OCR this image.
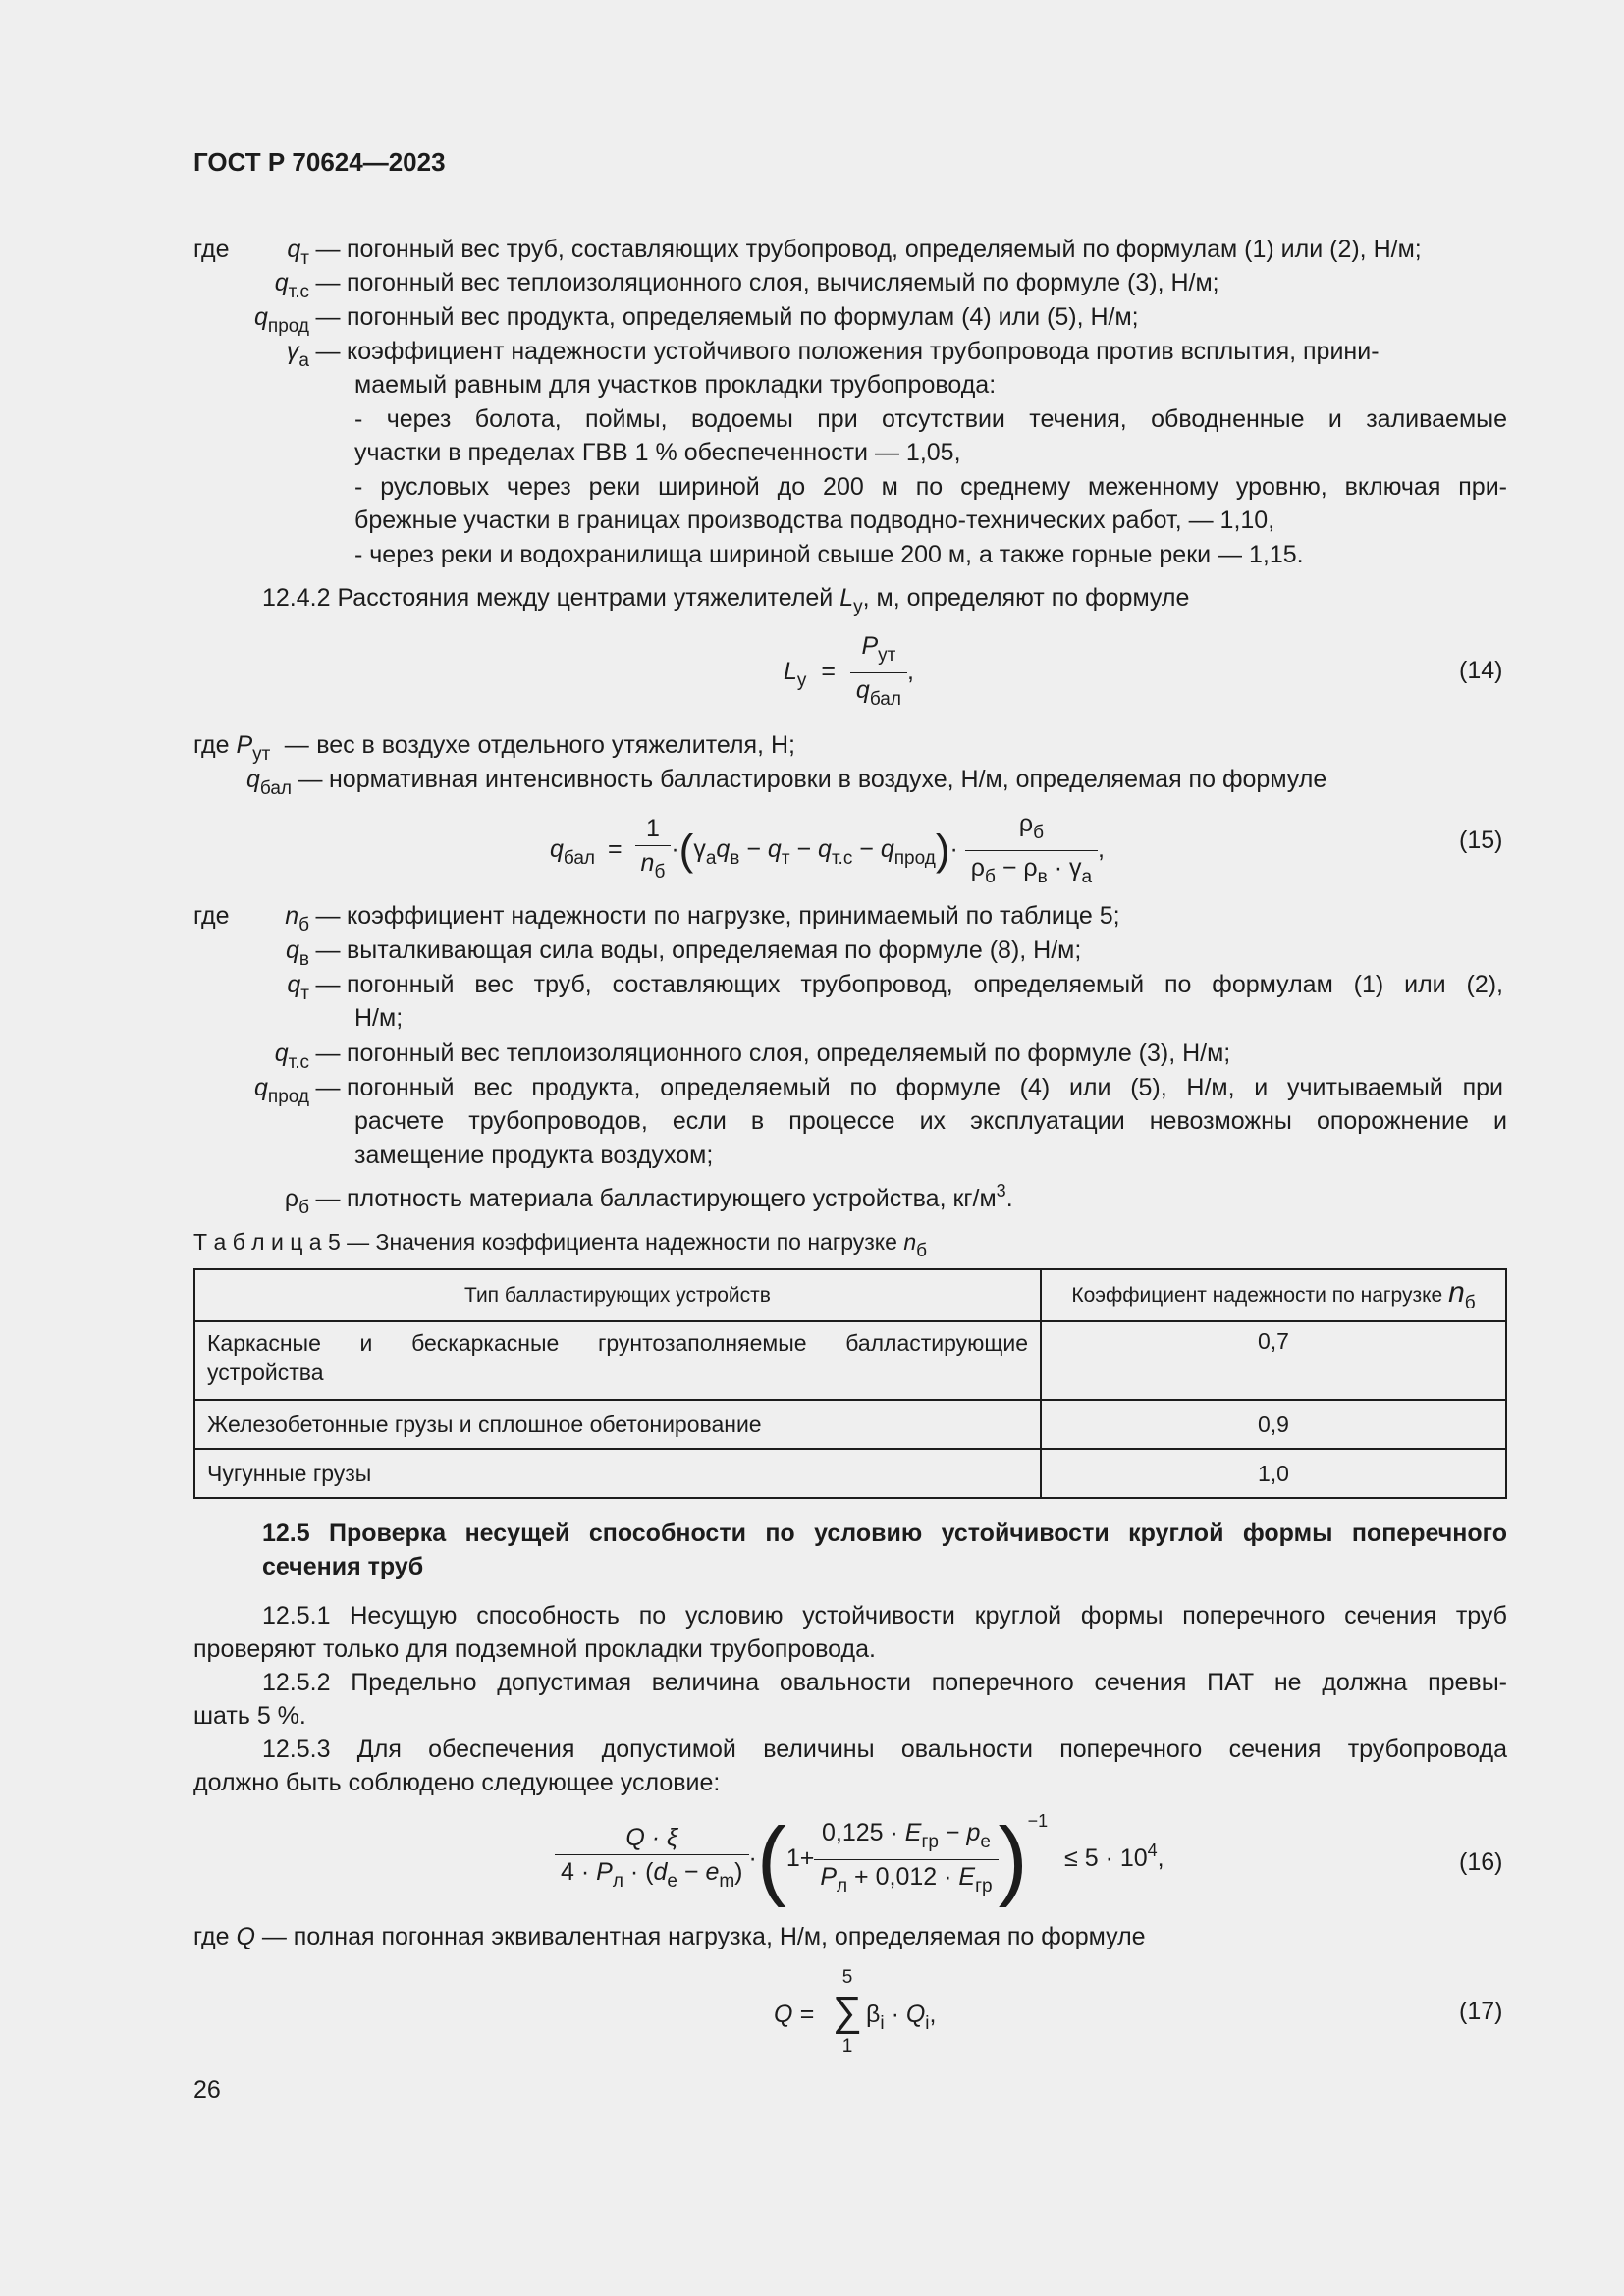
ГОСТ Р 70624—2023
где	$q_т$ — погонный вес труб, составляющих трубопровод, определяемый по формулам (1) или (2), Н/м;
$q_{т.с}$ — погонный вес теплоизоляционного слоя, вычисляемый по формуле (3), Н/м;
$q_{прод}$ — погонный вес продукта, определяемый по формулам (4) или (5), Н/м;
$\gamma_a$ — коэффициент надежности устойчивого положения трубопровода против всплытия, прини-
маемый равным для участков прокладки трубопровода:
- через болота, поймы, водоемы при отсутствии течения, обводненные и заливаемые
участки в пределах ГВВ 1 % обеспеченности — 1,05,
- русловых через реки шириной до 200 м по среднему меженному уровню, включая при-
брежные участки в границах производства подводно-технических работ, — 1,10,
- через реки и водохранилища шириной свыше 200 м, а также горные реки — 1,15.
12.4.2 Расстояния между центрами утяжелителей $L_y$, м, определяют по формуле
$L_y = \frac{P_{ут}}{q_{бал}}$ ,	(14)
где $P_{ут}$ — вес в воздухе отдельного утяжелителя, Н;
$q_{бал}$ — нормативная интенсивность балластировки в воздухе, Н/м, определяемая по формуле
$q_{бал} = \frac{1}{n_б} \cdot(\gamma_aq_в - q_т - q_{т.с} - q_{прод})\cdot \frac{\rho_б}{\rho_б - \rho_в \cdot \gamma_a}$ ,	(15)
где	$n_б$ — коэффициент надежности по нагрузке, принимаемый по таблице 5;
$q_в$ — выталкивающая сила воды, определяемая по формуле (8), Н/м;
$q_т$ — погонный вес труб, составляющих трубопровод, определяемый по формулам (1) или (2),
Н/м;
$q_{т.с}$ — погонный вес теплоизоляционного слоя, определяемый по формуле (3), Н/м;
$q_{прод}$ — погонный вес продукта, определяемый по формуле (4) или (5), Н/м, и учитываемый при
расчете трубопроводов, если в процессе их эксплуатации невозможны опорожнение и
замещение продукта воздухом;
$\rho_б$ — плотность материала балластирующего устройства, $кг/м^3$.
Т а б л и ц а 5 — Значения коэффициента надежности по нагрузке $n_б$
Тип балластирующих устройств	Коэффициент надежности по нагрузке nб

Каркасные и бескаркасные грунтозаполняемые балластирующие
устройства	0,7
Железобетонные грузы и сплошное обетонирование	0,9
Чугунные грузы	1,0
12.5 Проверка несущей способности по условию устойчивости круглой формы поперечного
сечения труб
12.5.1 Несущую способность по условию устойчивости круглой формы поперечного сечения труб
проверяют только для подземной прокладки трубопровода.
12.5.2 Предельно допустимая величина овальности поперечного сечения ПАТ не должна превы-
шать 5 %.
12.5.3 Для обеспечения допустимой величины овальности поперечного сечения трубопровода
должно быть соблюдено следующее условие:
$\frac{Q \cdot \xi}{4 \cdot P_л \cdot (d_e - e_m)} \cdot(1+ \frac{0,125 \cdot E_{гр} - p_e}{P_л + 0,012 \cdot E_{гр}} )^{-1} \le 5 \cdot 10^4$,	(16)
где Q — полная погонная эквивалентная нагрузка, Н/м, определяемая по формуле
Q =
5
∑
1
$\beta_i \cdot Q_i$,	(17)
26
